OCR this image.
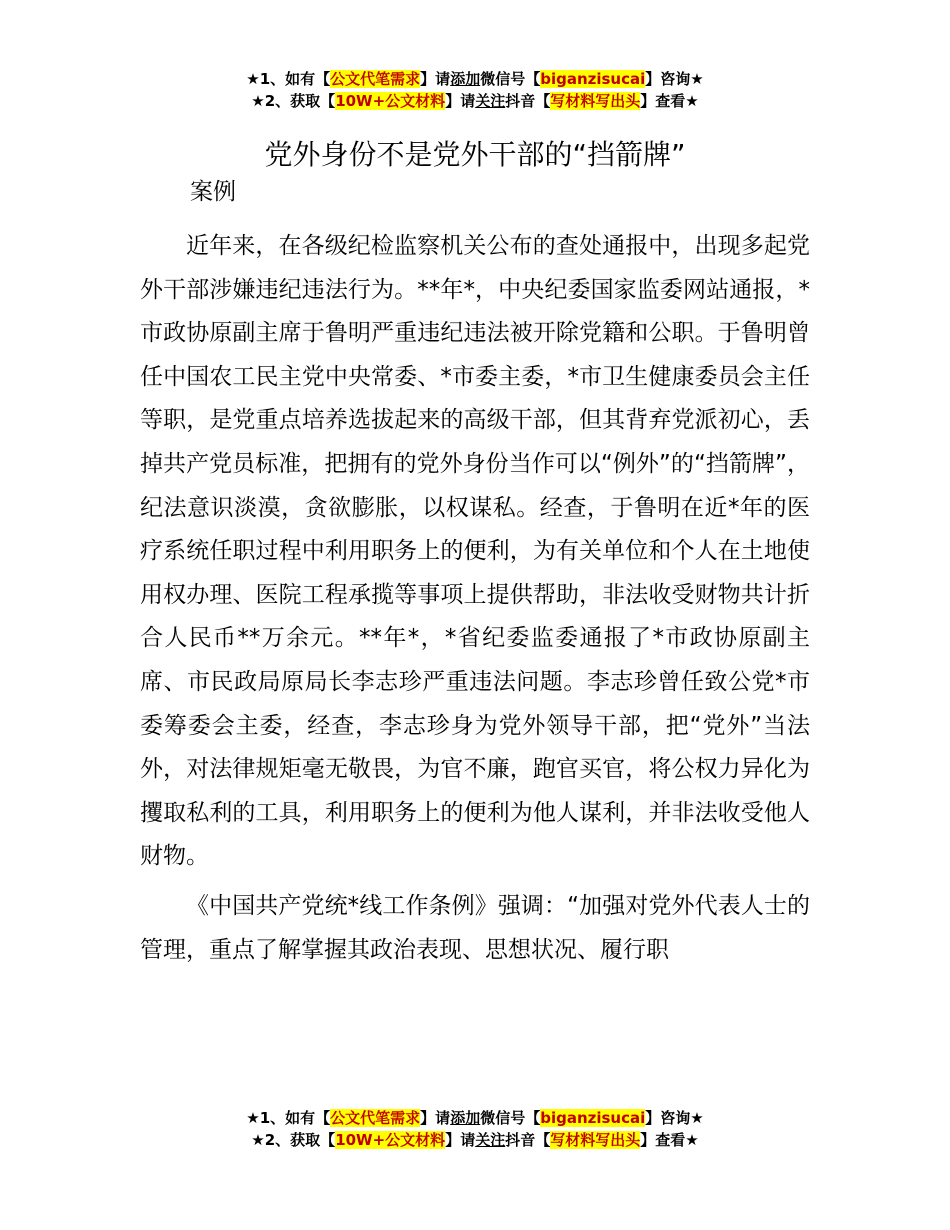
★1、如有【公文代笔需求】请添加微信号【biganzisucai】咨询★
★2、获取【10W+公文材料】请关注抖音【写材料写出头】查看★
党外身份不是党外干部的“挡箭牌”
案例

近年来，在各级纪检监察机关公布的查处通报中，出现多起党外干部涉嫌违纪违法行为。**年*，中央纪委国家监委网站通报，*市政协原副主席于鲁明严重违纪违法被开除党籍和公职。于鲁明曾任中国农工民主党中央常委、*市委主委，*市卫生健康委员会主任等职，是党重点培养选拔起来的高级干部，但其背弃党派初心，丢掉共产党员标准，把拥有的党外身份当作可以“例外”的“挡箭牌”，纪法意识淡漠，贪欲膨胀，以权谋私。经查，于鲁明在近*年的医疗系统任职过程中利用职务上的便利，为有关单位和个人在土地使用权办理、医院工程承揽等事项上提供帮助，非法收受财物共计折合人民币**万余元。**年*，*省纪委监委通报了*市政协原副主席、市民政局原局长李志珍严重违法问题。李志珍曾任致公党*市委筹委会主委，经查，李志珍身为党外领导干部，把“党外”当法外，对法律规矩毫无敬畏，为官不廉，跑官买官，将公权力异化为攫取私利的工具，利用职务上的便利为他人谋利，并非法收受他人财物。

《中国共产党统*线工作条例》强调：“加强对党外代表人士的管理，重点了解掌握其政治表现、思想状况、履行职

★1、如有【公文代笔需求】请添加微信号【biganzisucai】咨询★
★2、获取【10W+公文材料】请关注抖音【写材料写出头】查看★
